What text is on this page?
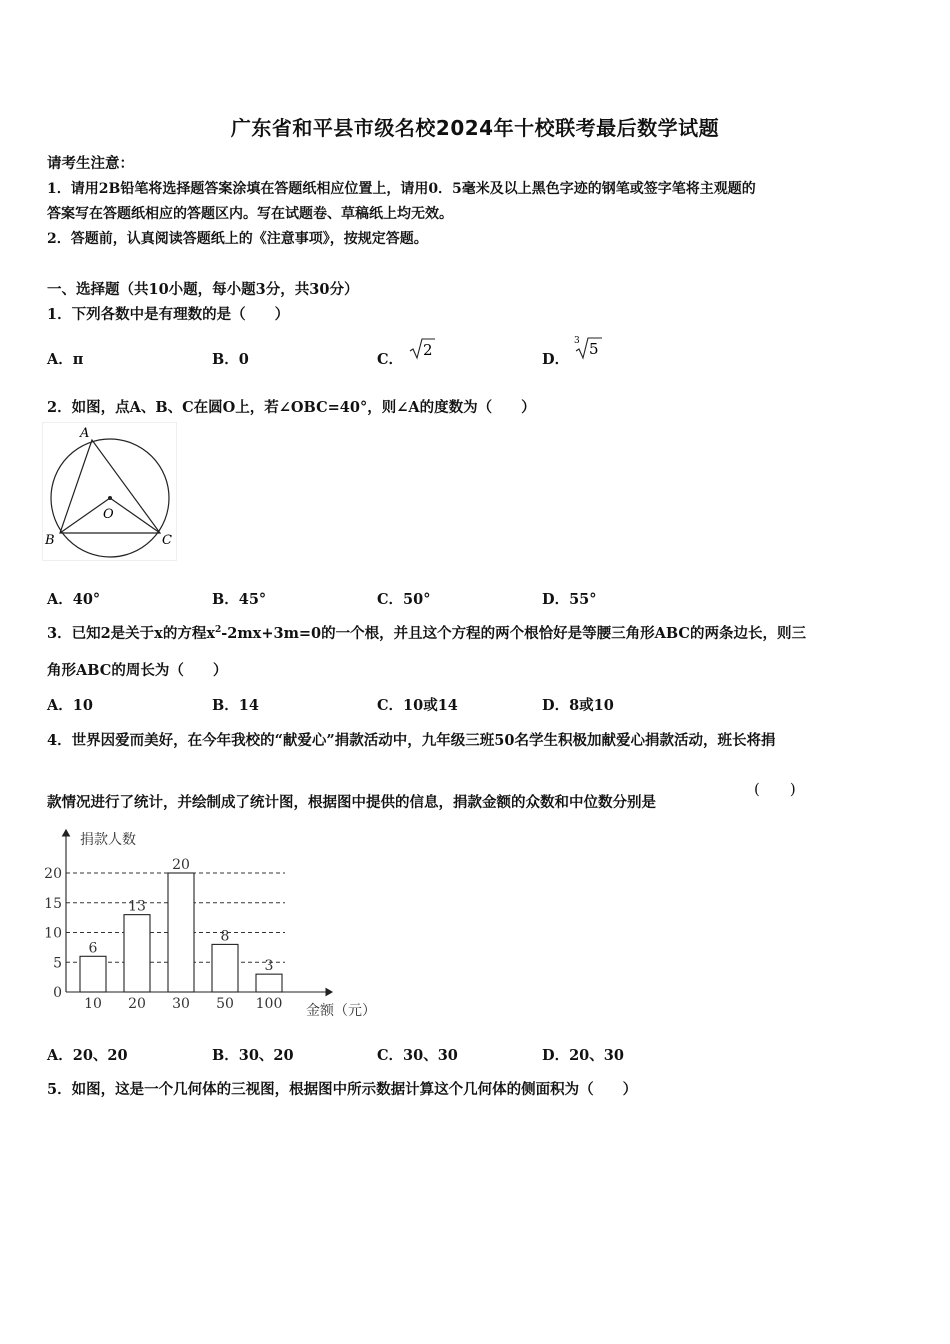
广东省和平县市级名校2024年十校联考最后数学试题
请考生注意：
1．请用2B铅笔将选择题答案涂填在答题纸相应位置上，请用0．5毫米及以上黑色字迹的钢笔或签字笔将主观题的
答案写在答题纸相应的答题区内。写在试题卷、草稿纸上均无效。
2．答题前，认真阅读答题纸上的《注意事项》，按规定答题。
一、选择题（共10小题，每小题3分，共30分）
1．下列各数中是有理数的是（　　）
A．π	B．0	C．
2
D．
3 5
2．如图，点A、B、C在圆O上，若∠OBC=40°，则∠A的度数为（　　）
A
B	C
O
A．40°	B．45°	C．50°	D．55°
3．已知2是关于x的方程$x^2-2mx+3m=0$的一个根，并且这个方程的两个根恰好是等腰三角形ABC的两条边长，则三
角形ABC的周长为（　　）
A．10	B．14	C．10或14	D．8或10
4．世界因爱而美好，在今年我校的“献爱心”捐款活动中，九年级三班50名学生积极加献爱心捐款活动，班长将捐
款情况进行了统计，并绘制成了统计图，根据图中提供的信息，捐款金额的众数和中位数分别是
(　　)
0
5
10
15
20
6
10
13
20
20
30
8
50
3
100
捐款人数
金额（元）
A．20、20	B．30、20	C．30、30	D．20、30
5．如图，这是一个几何体的三视图，根据图中所示数据计算这个几何体的侧面积为（　　）
